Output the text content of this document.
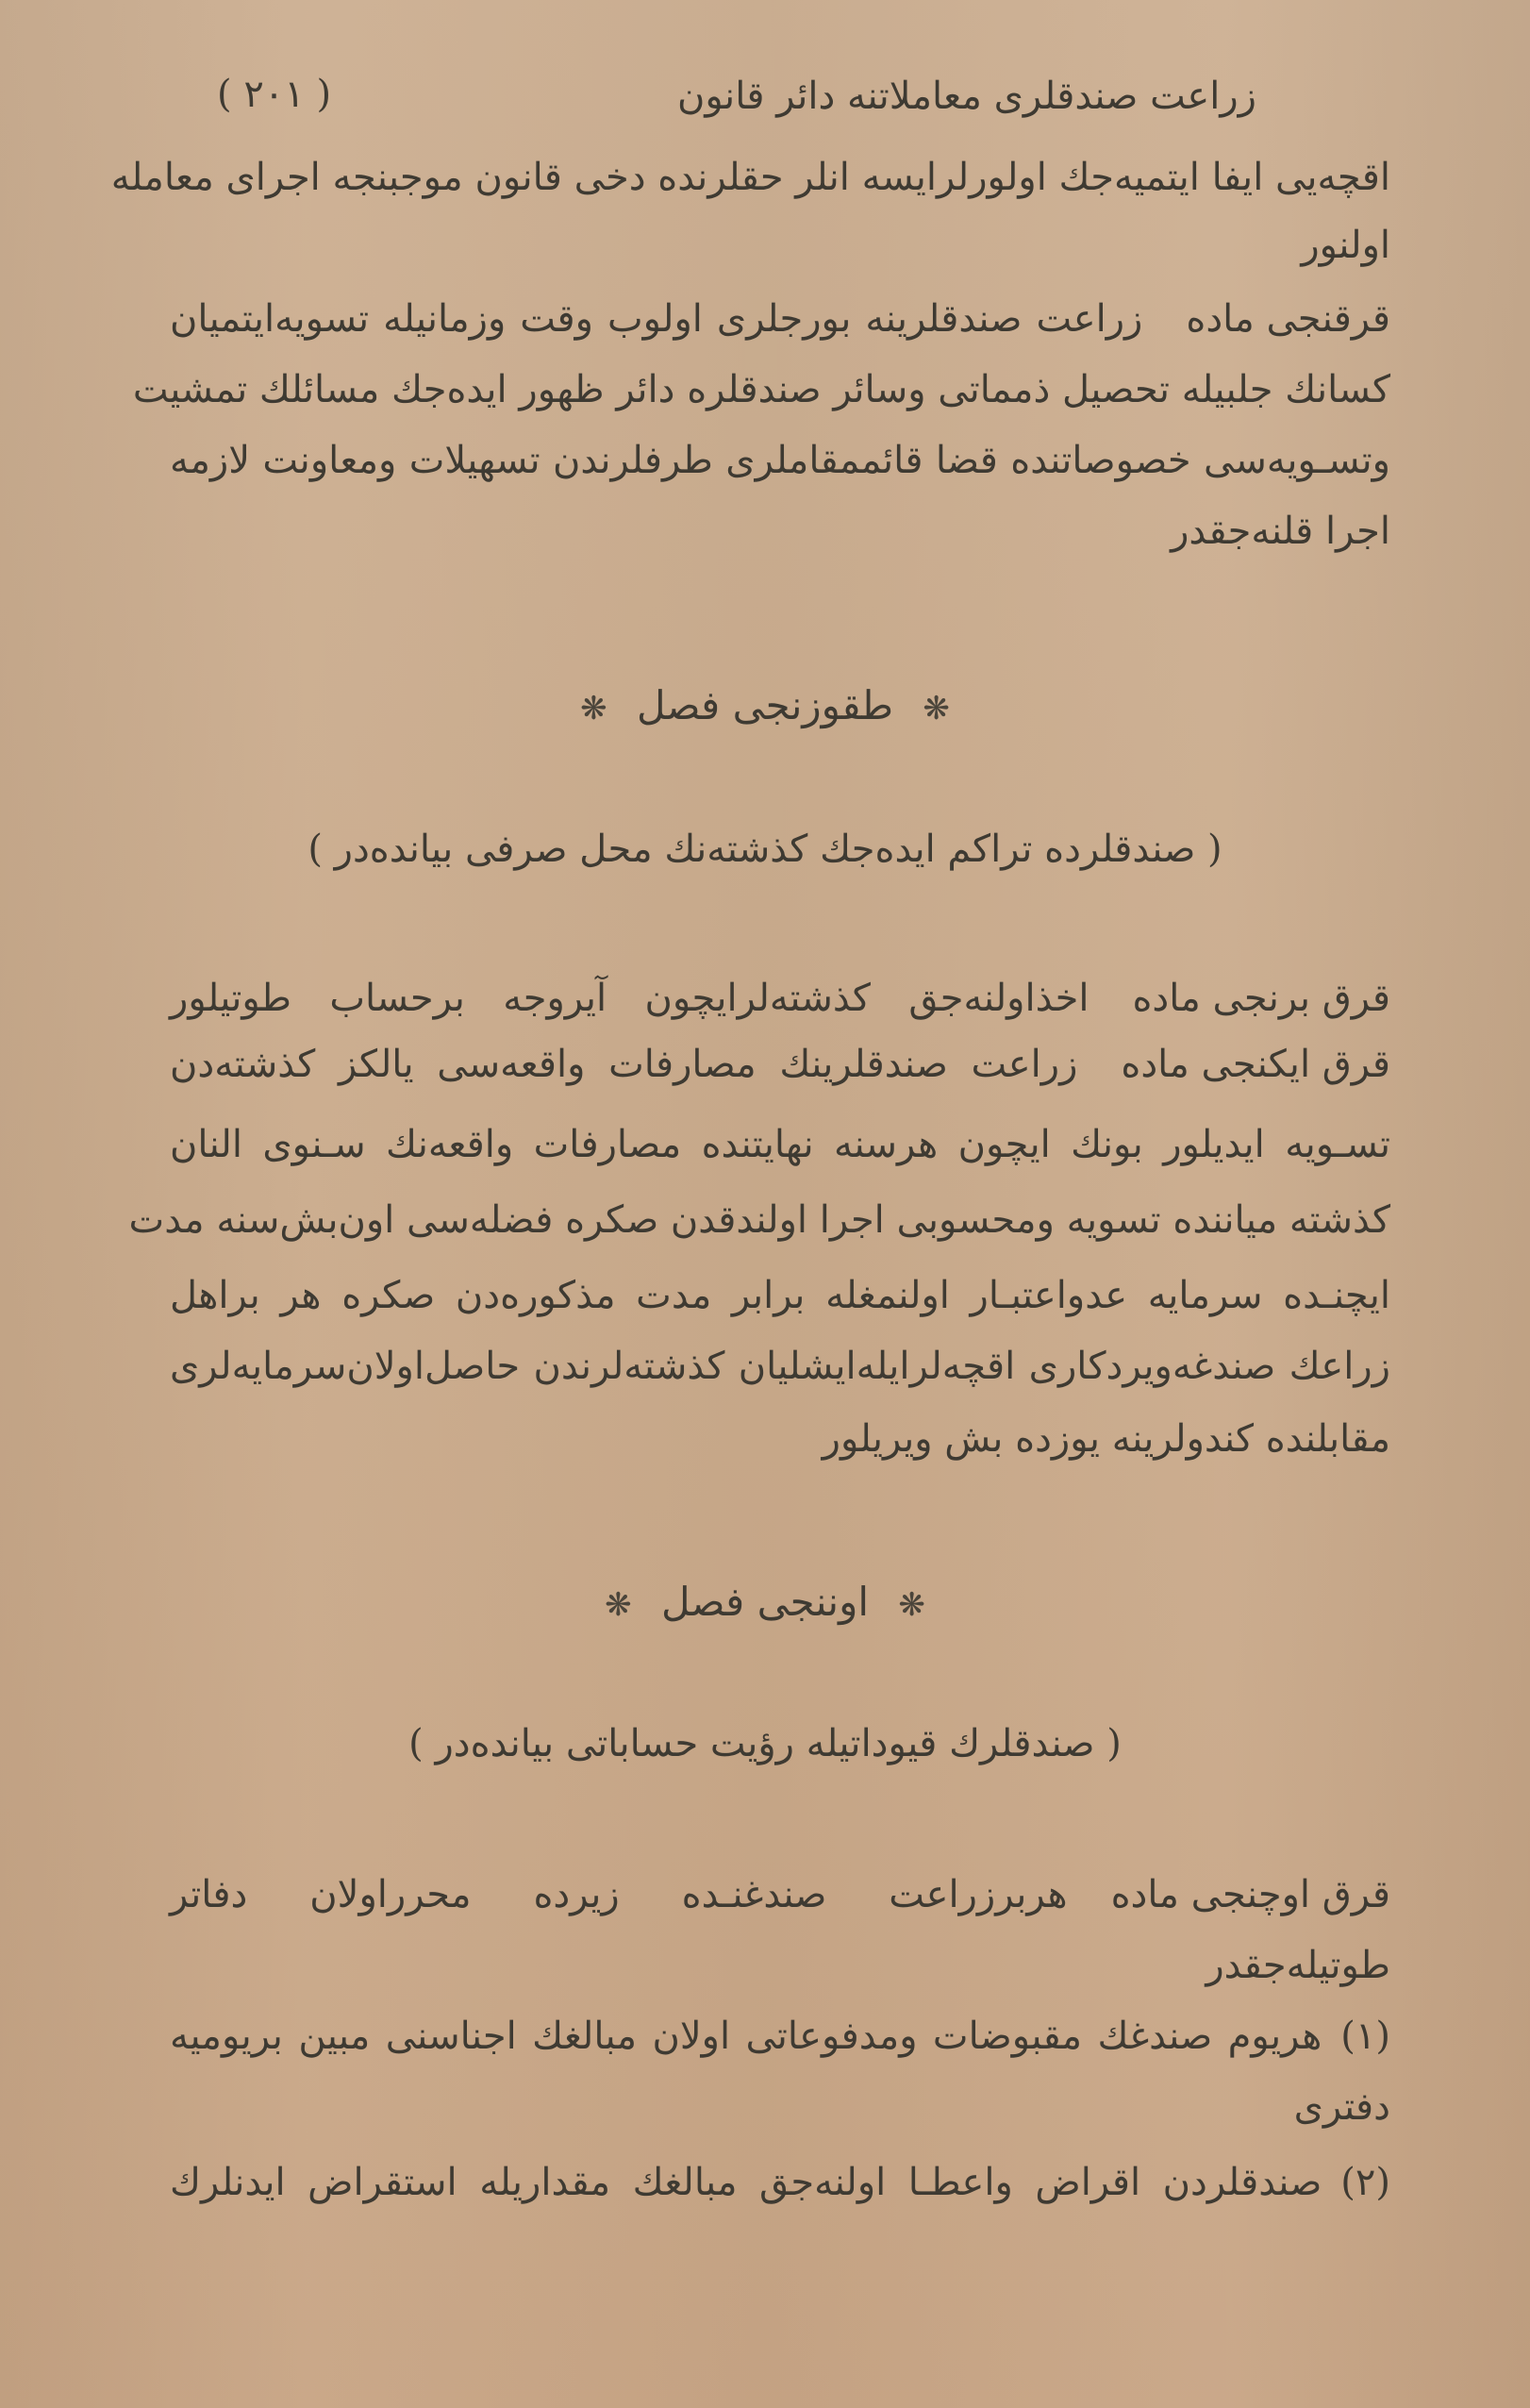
زراعت صندقلری معاملاتنه دائر قانون
( ۲۰۱ )
اقچه‌یی ایفا ایتمیه‌جك اولورلرایسه انلر حقلرنده دخی قانون موجبنجه اجرای معامله
اولنور
قرقنجی مادهزراعت صندقلرینه بورجلری اولوب وقت وزمانیله تسویه‌ایتمیان
كسانك جلبیله تحصیل ذمماتی وسائر صندقلره دائر ظهور ایده‌جك مسائلك تمشیت
وتسـویه‌سی خصوصاتنده قضا قائممقاملری طرفلرندن تسهیلات ومعاونت لازمه
اجرا قلنه‌جقدر
❋ طقوزنجی فصل ❋
( صندقلرده تراكم ایده‌جك كذشته‌نك محل صرفی بیانده‌در )
قرق برنجی مادهاخذاولنه‌جق كذشته‌لرایچون آیروجه برحساب طوتیلور
قرق ایكنجی مادهزراعت صندقلرینك مصارفات واقعه‌سی یالكز كذشته‌دن
تسـویه ایدیلور بونك ایچون هرسنه نهایتنده مصارفات واقعه‌نك سـنوی النان
كذشته میاننده تسویه ومحسوبی اجرا اولندقدن صكره فضله‌سی اون‌بش‌سنه مدت
ایچنـده سرمایه عدواعتبـار اولنمغله برابر مدت مذكوره‌دن صكره هر براهل
زراعك صندغه‌ویردكاری اقچه‌لرایله‌ایشلیان كذشته‌لرندن حاصل‌اولان‌سرمایه‌لری
مقابلنده كندولرینه یوزده بش ویریلور
❋ اوننجی فصل ❋
( صندقلرك قیوداتیله رؤیت حساباتی بیانده‌در )
قرق اوچنجی مادههربرزراعت صندغنـده زیرده محرراولان دفاتر
طوتیله‌جقدر
(۱)هریوم صندغك مقبوضات ومدفوعاتی اولان مبالغك اجناسنی مبین بریومیه
دفتری
(۲)صندقلردن اقراض واعطـا اولنه‌جق مبالغك مقداریله استقراض ایدنلرك
